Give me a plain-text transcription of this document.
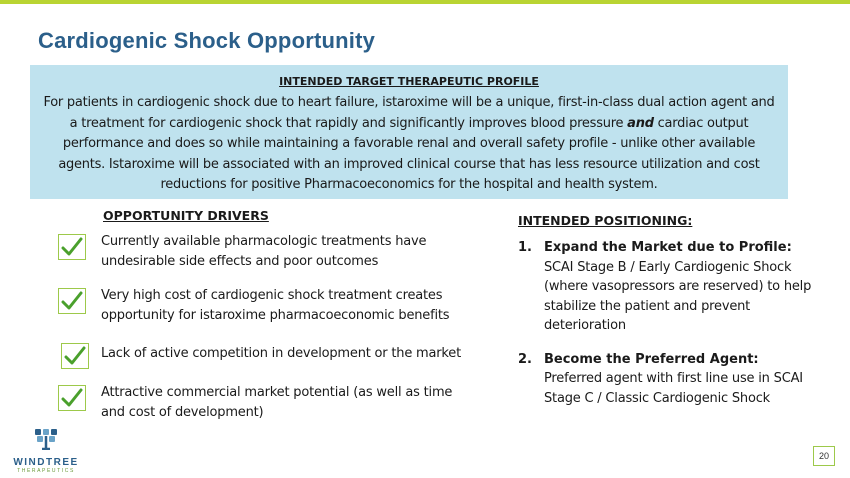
Cardiogenic Shock Opportunity
INTENDED TARGET THERAPEUTIC PROFILE
For patients in cardiogenic shock due to heart failure, istaroxime will be a unique, first-in-class dual action agent and a treatment for cardiogenic shock that rapidly and significantly improves blood pressure and cardiac output performance and does so while maintaining a favorable renal and overall safety profile - unlike other available agents. Istaroxime will be associated with an improved clinical course that has less resource utilization and cost reductions for positive Pharmacoeconomics for the hospital and health system.
OPPORTUNITY DRIVERS
Currently available pharmacologic treatments have undesirable side effects and poor outcomes
Very high cost of cardiogenic shock treatment creates opportunity for istaroxime pharmacoeconomic benefits
Lack of active competition in development or the market
Attractive commercial market potential (as well as time and cost of development)
INTENDED POSITIONING:
1. Expand the Market due to Profile:
SCAI Stage B / Early Cardiogenic Shock (where vasopressors are reserved) to help stabilize the patient and prevent deterioration
2. Become the Preferred Agent:
Preferred agent with first line use in SCAI Stage C / Classic Cardiogenic Shock
WINDTREE
THERAPEUTICS
20
